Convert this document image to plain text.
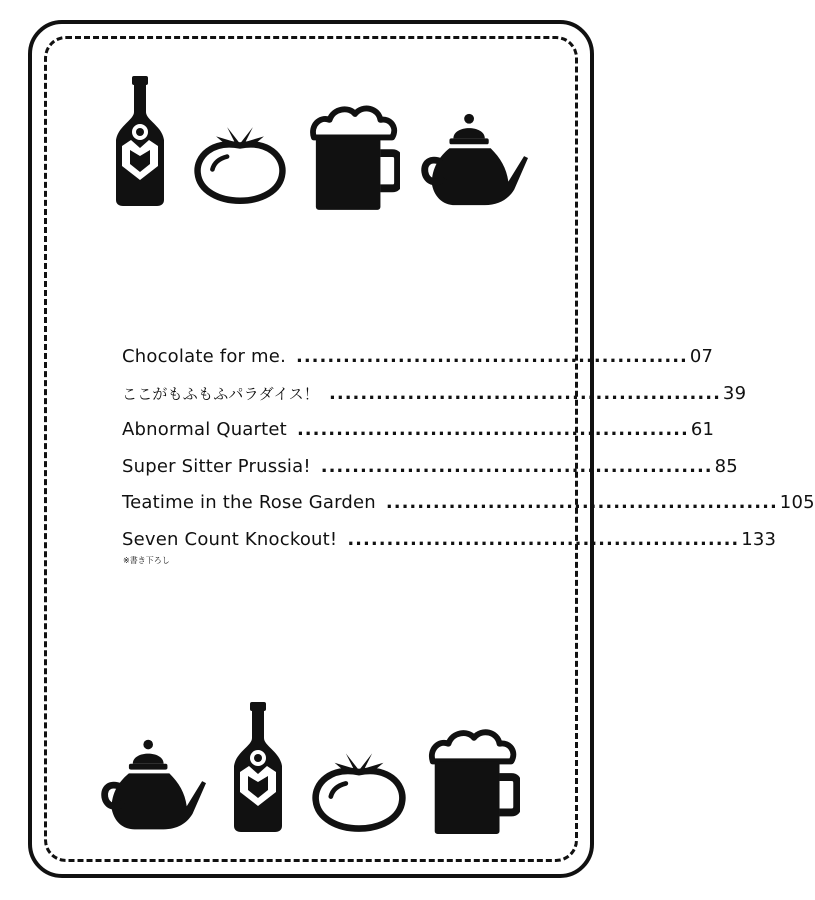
Chocolate for me. .................................................. 07
ここがもふもふパラダイス！ .................................................. 39
Abnormal Quartet .................................................. 61
Super Sitter Prussia! .................................................. 85
Teatime in the Rose Garden .................................................. 105
Seven Count Knockout! .................................................. 133
※書き下ろし
